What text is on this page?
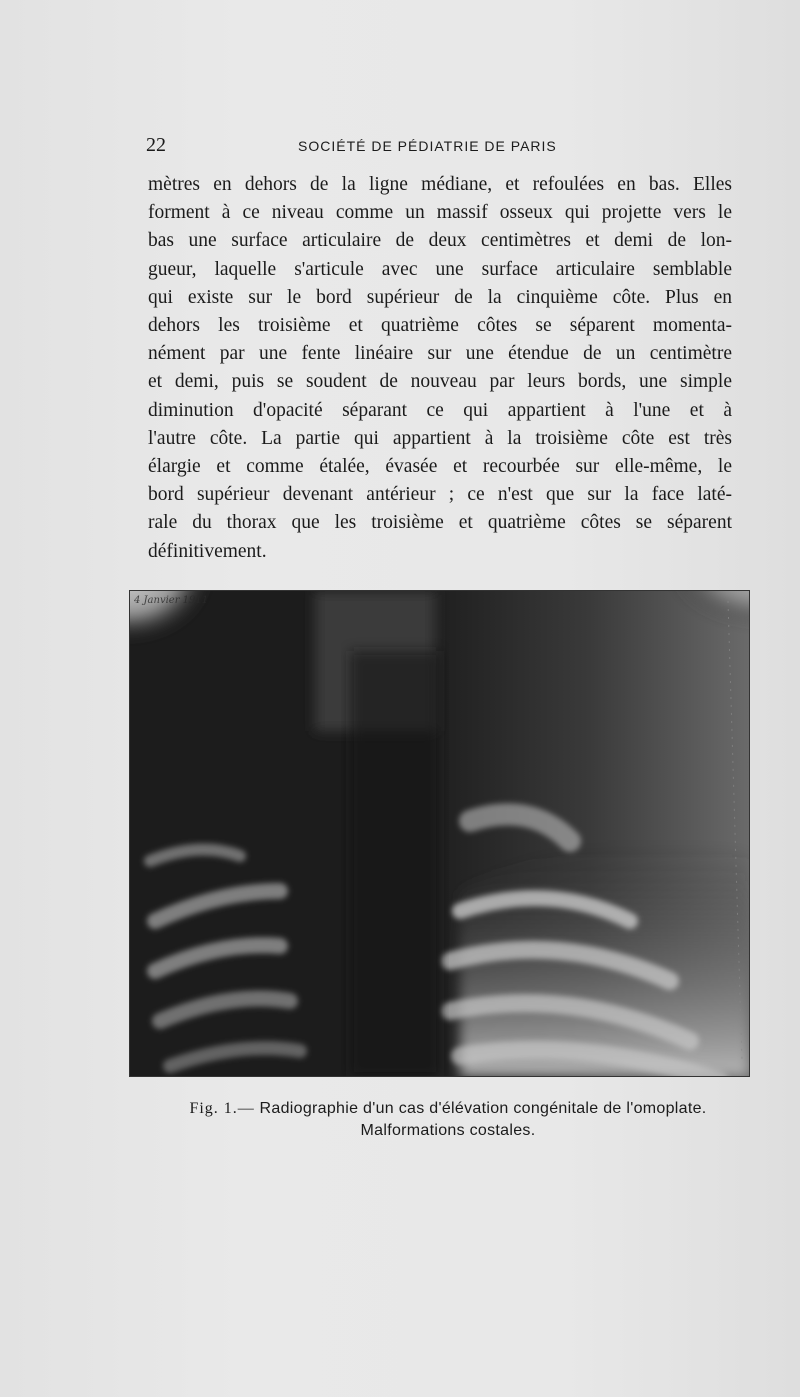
22	SOCIÉTÉ DE PÉDIATRIE DE PARIS
mètres en dehors de la ligne médiane, et refoulées en bas. Elles
forment à ce niveau comme un massif osseux qui projette vers le
bas une surface articulaire de deux centimètres et demi de lon-
gueur, laquelle s'articule avec une surface articulaire semblable
qui existe sur le bord supérieur de la cinquième côte. Plus en
dehors les troisième et quatrième côtes se séparent momenta-
nément par une fente linéaire sur une étendue de un centimètre
et demi, puis se soudent de nouveau par leurs bords, une simple
diminution d'opacité séparant ce qui appartient à l'une et à
l'autre côte. La partie qui appartient à la troisième côte est très
élargie et comme étalée, évasée et recourbée sur elle-même, le
bord supérieur devenant antérieur ; ce n'est que sur la face laté-
rale du thorax que les troisième et quatrième côtes se séparent
définitivement.
4 Janvier 1911
Fig. 1.— Radiographie d'un cas d'élévation congénitale de l'omoplate.
Malformations costales.
